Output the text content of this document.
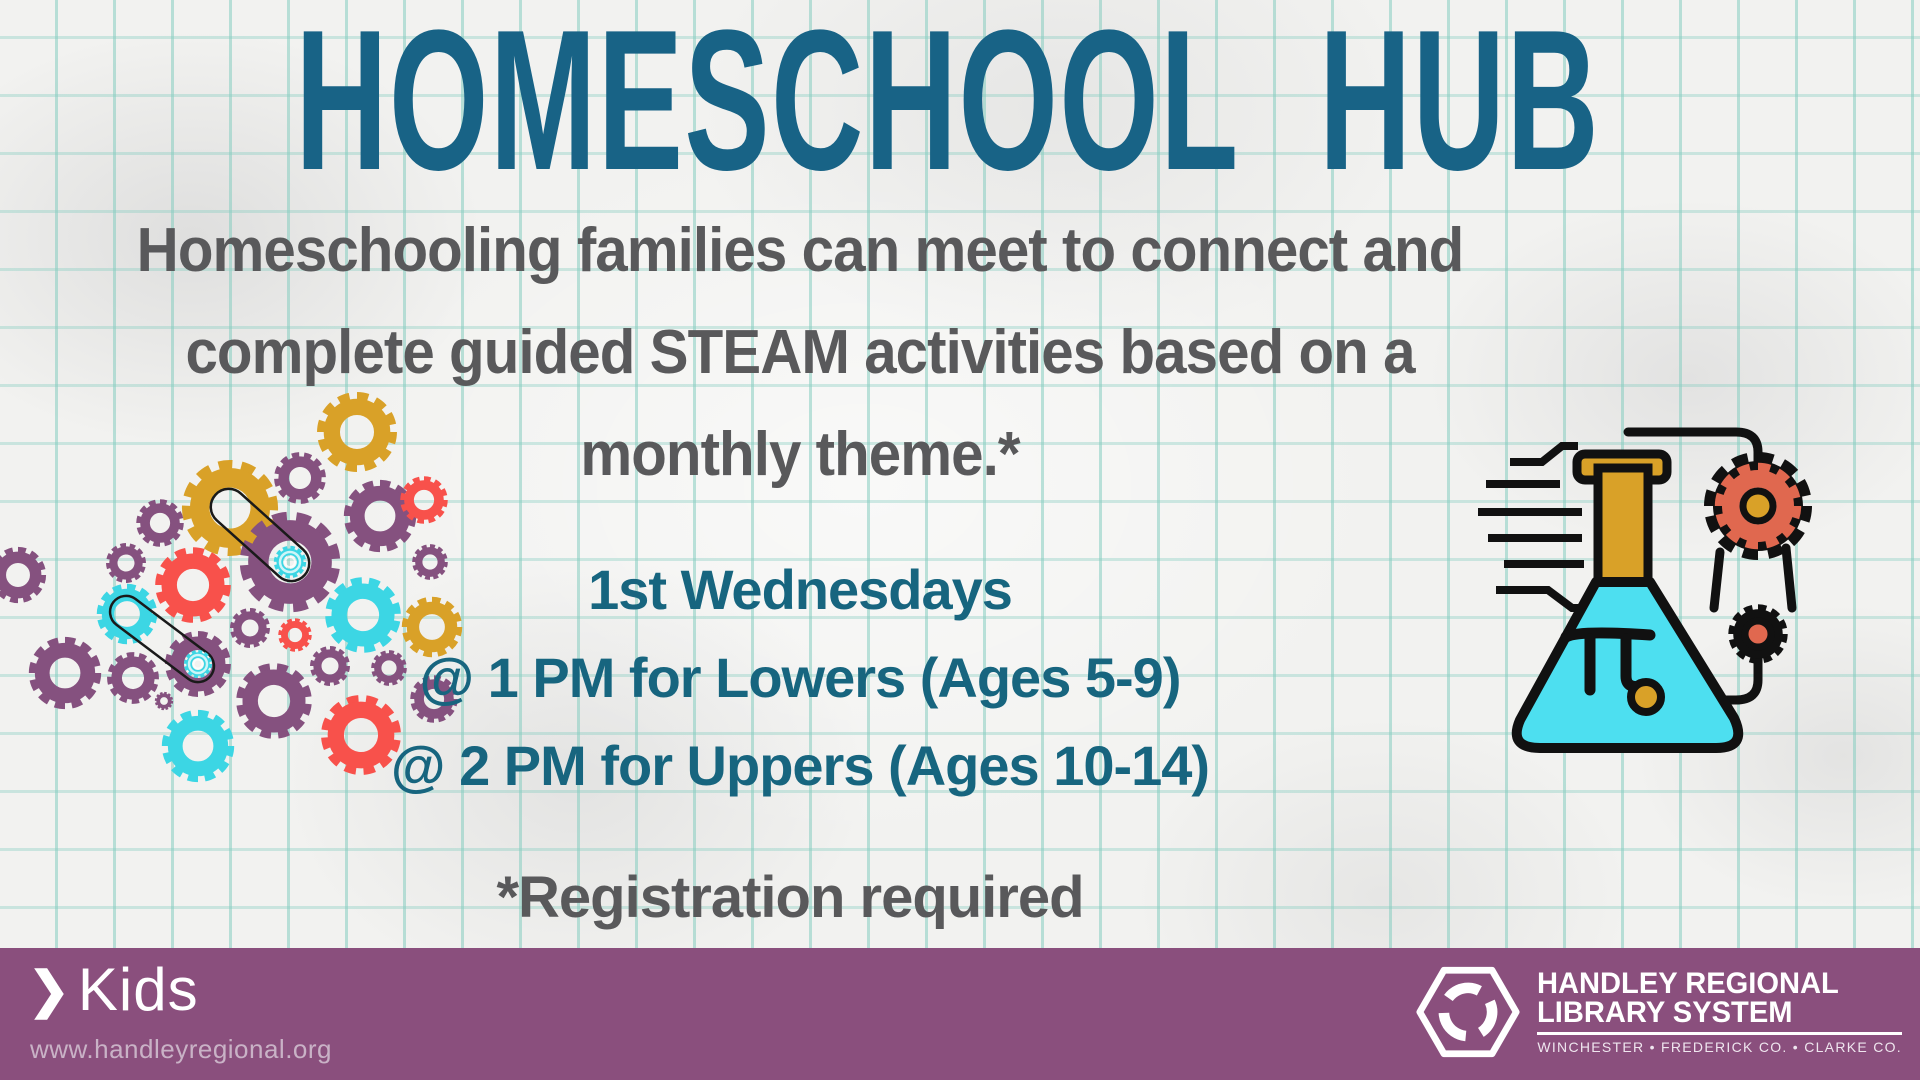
HOMESCHOOL HUB
Homeschooling families can meet to connect and
complete guided STEAM activities based on a
monthly theme.*
1st Wednesdays
@ 1 PM for Lowers (Ages 5-9)
@ 2 PM for Uppers (Ages 10-14)
*Registration required
❯ Kids
www.handleyregional.org
HANDLEY REGIONAL
LIBRARY SYSTEM
WINCHESTER • FREDERICK CO. • CLARKE CO.
